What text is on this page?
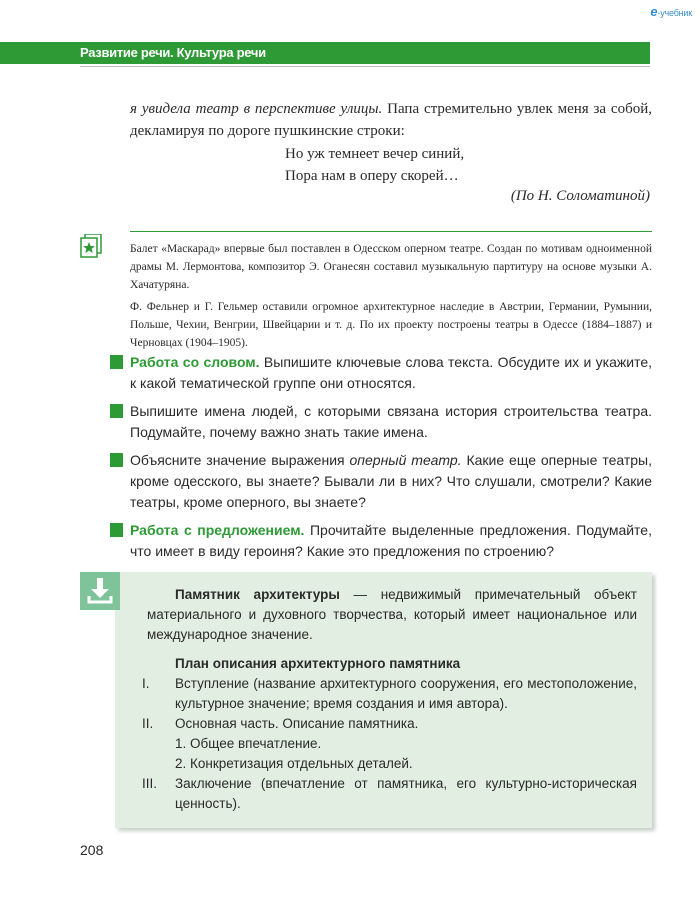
e-учебник
Развитие речи. Культура речи
я увидела театр в перспективе улицы. Папа стремительно увлек меня за собой, декламируя по дороге пушкинские строки:
Но уж темнеет вечер синий,
Пора нам в оперу скорей…
(По Н. Соломатиной)

Балет «Маскарад» впервые был поставлен в Одесском оперном театре. Создан по мотивам одноименной драмы М. Лермонтова, композитор Э. Оганесян составил музыкальную партитуру на основе музыки А. Хачатуряна.

Ф. Фельнер и Г. Гельмер оставили огромное архитектурное наследие в Австрии, Германии, Румынии, Польше, Чехии, Венгрии, Швейцарии и т. д. По их проекту построены театры в Одессе (1884–1887) и Черновцах (1904–1905).

Работа со словом. Выпишите ключевые слова текста. Обсудите их и укажите, к какой тематической группе они относятся.
Выпишите имена людей, с которыми связана история строительства театра. Подумайте, почему важно знать такие имена.
Объясните значение выражения оперный театр. Какие еще оперные театры, кроме одесского, вы знаете? Бывали ли в них? Что слушали, смотрели? Какие театры, кроме оперного, вы знаете?
Работа с предложением. Прочитайте выделенные предложения. Подумайте, что имеет в виду героиня? Какие это предложения по строению?

Памятник архитектуры — недвижимый примечательный объект материального и духовного творчества, который имеет национальное или международное значение.

План описания архитектурного памятника
I. Вступление (название архитектурного сооружения, его местоположение, культурное значение; время создания и имя автора).
II. Основная часть. Описание памятника.
1. Общее впечатление.
2. Конкретизация отдельных деталей.
III. Заключение (впечатление от памятника, его культурно-историческая ценность).
208
